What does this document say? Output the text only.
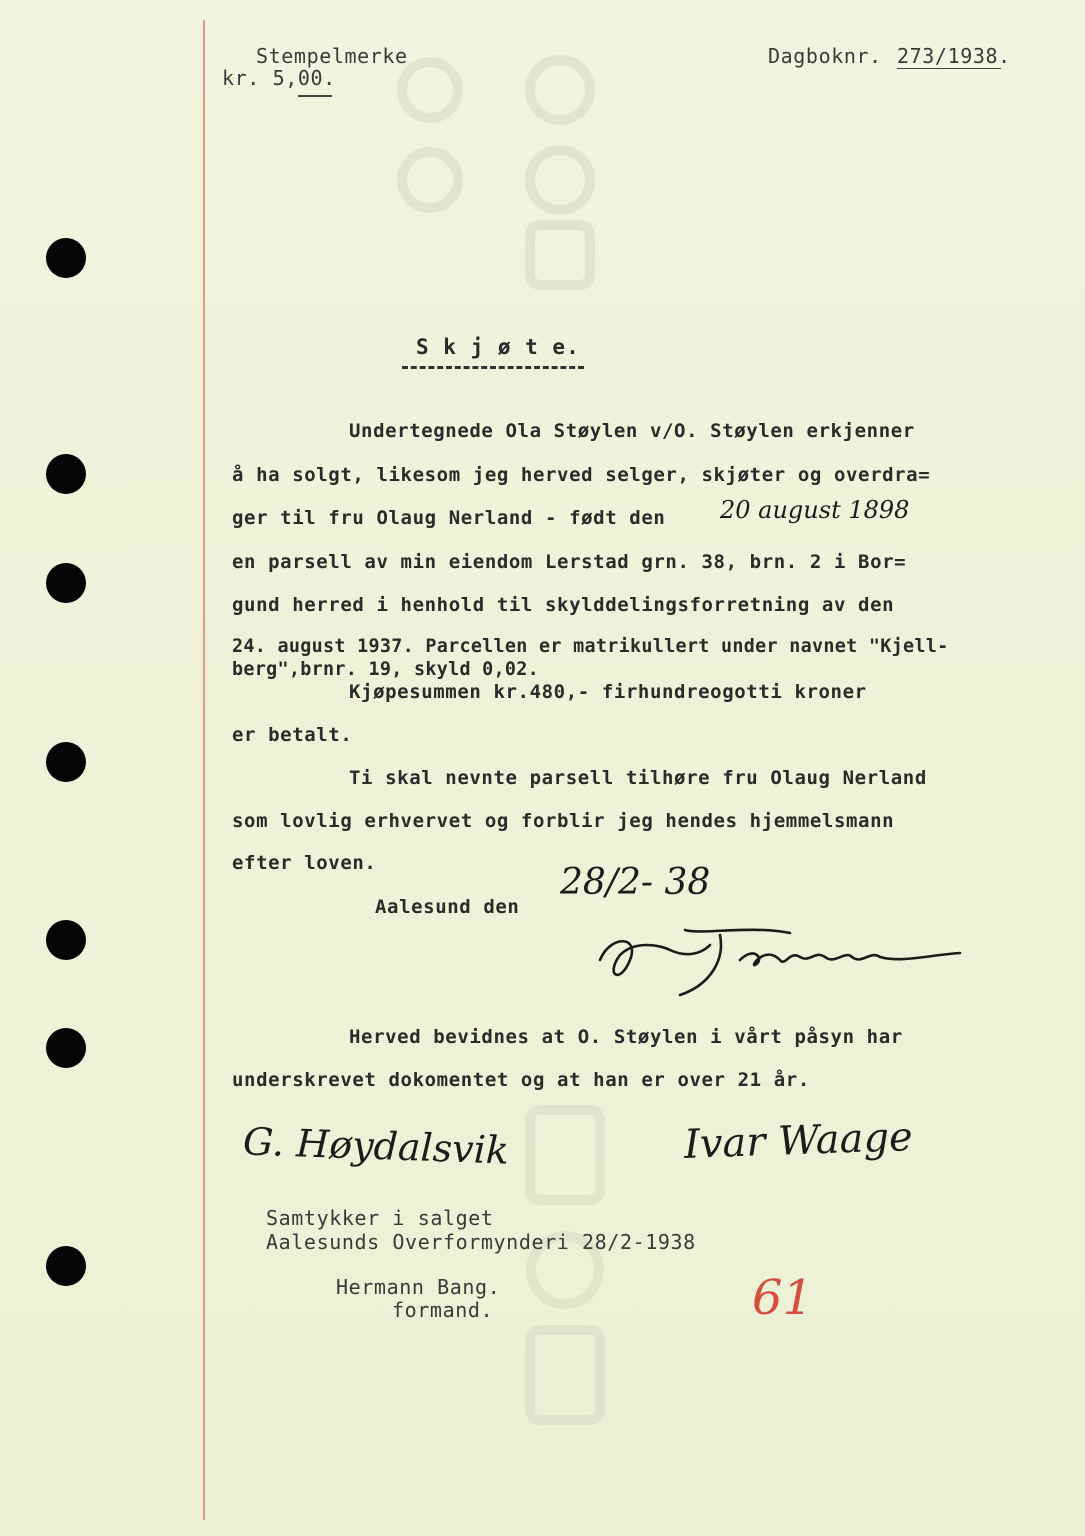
Stempelmerke
kr. 5,00.
Dagboknr. 273/1938.
S k j ø t e.
Undertegnede Ola Støylen v/O. Støylen erkjenner
å ha solgt, likesom jeg herved selger, skjøter og overdra=
ger til fru Olaug Nerland - født den 20 august 1898
en parsell av min eiendom Lerstad grn. 38, brn. 2 i Bor=
gund herred i henhold til skylddelingsforretning av den
24. august 1937. Parcellen er matrikullert under navnet "Kjell-
berg",brnr. 19, skyld 0,02.
Kjøpesummen kr.480,- firhundreogotti kroner
er betalt.
Ti skal nevnte parsell tilhøre fru Olaug Nerland
som lovlig erhvervet og forblir jeg hendes hjemmelsmann
efter loven.
Aalesund den
28/2- 38
Herved bevidnes at O. Støylen i vårt påsyn har
underskrevet dokomentet og at han er over 21 år.
G. Høydalsvik	Ivar Waage
Samtykker i salget
Aalesunds Overformynderi 28/2-1938
Hermann Bang.
formand.	61
